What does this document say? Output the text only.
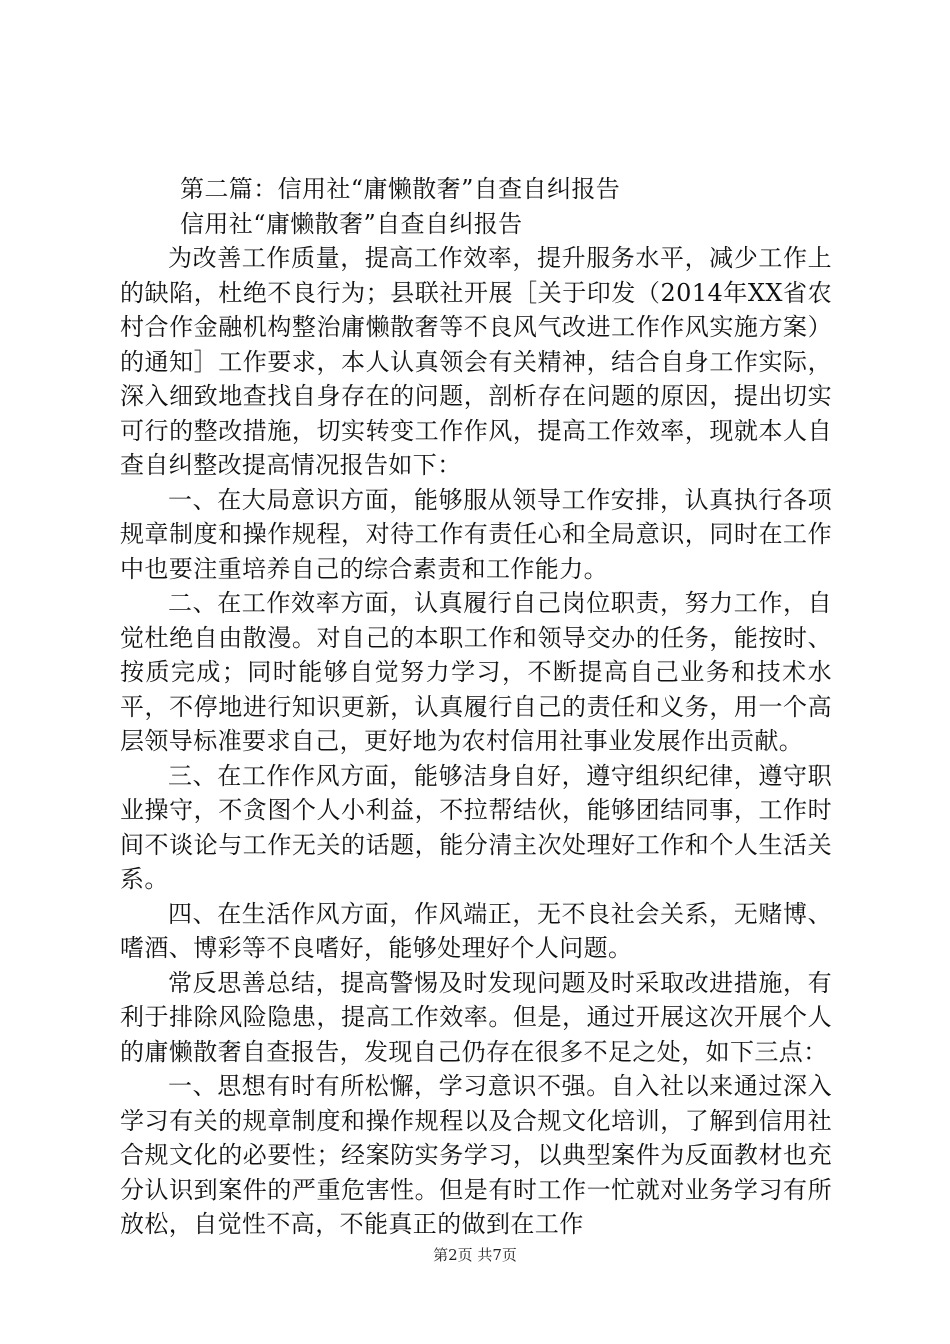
第二篇：信用社“庸懒散奢”自查自纠报告

信用社“庸懒散奢”自查自纠报告

为改善工作质量，提高工作效率，提升服务水平，减少工作上的缺陷，杜绝不良行为；县联社开展［关于印发（2014年XX省农村合作金融机构整治庸懒散奢等不良风气改进工作作风实施方案）的通知］工作要求，本人认真领会有关精神，结合自身工作实际，深入细致地查找自身存在的问题，剖析存在问题的原因，提出切实可行的整改措施，切实转变工作作风，提高工作效率，现就本人自查自纠整改提高情况报告如下：

一、在大局意识方面，能够服从领导工作安排，认真执行各项规章制度和操作规程，对待工作有责任心和全局意识，同时在工作中也要注重培养自己的综合素责和工作能力。

二、在工作效率方面，认真履行自己岗位职责，努力工作，自觉杜绝自由散漫。对自己的本职工作和领导交办的任务，能按时、按质完成；同时能够自觉努力学习，不断提高自己业务和技术水平，不停地进行知识更新，认真履行自己的责任和义务，用一个高层领导标准要求自己，更好地为农村信用社事业发展作出贡献。

三、在工作作风方面，能够洁身自好，遵守组织纪律，遵守职业操守，不贪图个人小利益，不拉帮结伙，能够团结同事，工作时间不谈论与工作无关的话题，能分清主次处理好工作和个人生活关系。

四、在生活作风方面，作风端正，无不良社会关系，无赌博、嗜酒、博彩等不良嗜好，能够处理好个人问题。

常反思善总结，提高警惕及时发现问题及时采取改进措施，有利于排除风险隐患，提高工作效率。但是，通过开展这次开展个人的庸懒散奢自查报告，发现自己仍存在很多不足之处，如下三点：

一、思想有时有所松懈，学习意识不强。自入社以来通过深入学习有关的规章制度和操作规程以及合规文化培训，了解到信用社合规文化的必要性；经案防实务学习，以典型案件为反面教材也充分认识到案件的严重危害性。但是有时工作一忙就对业务学习有所放松，自觉性不高，不能真正的做到在工作

第2页 共7页
